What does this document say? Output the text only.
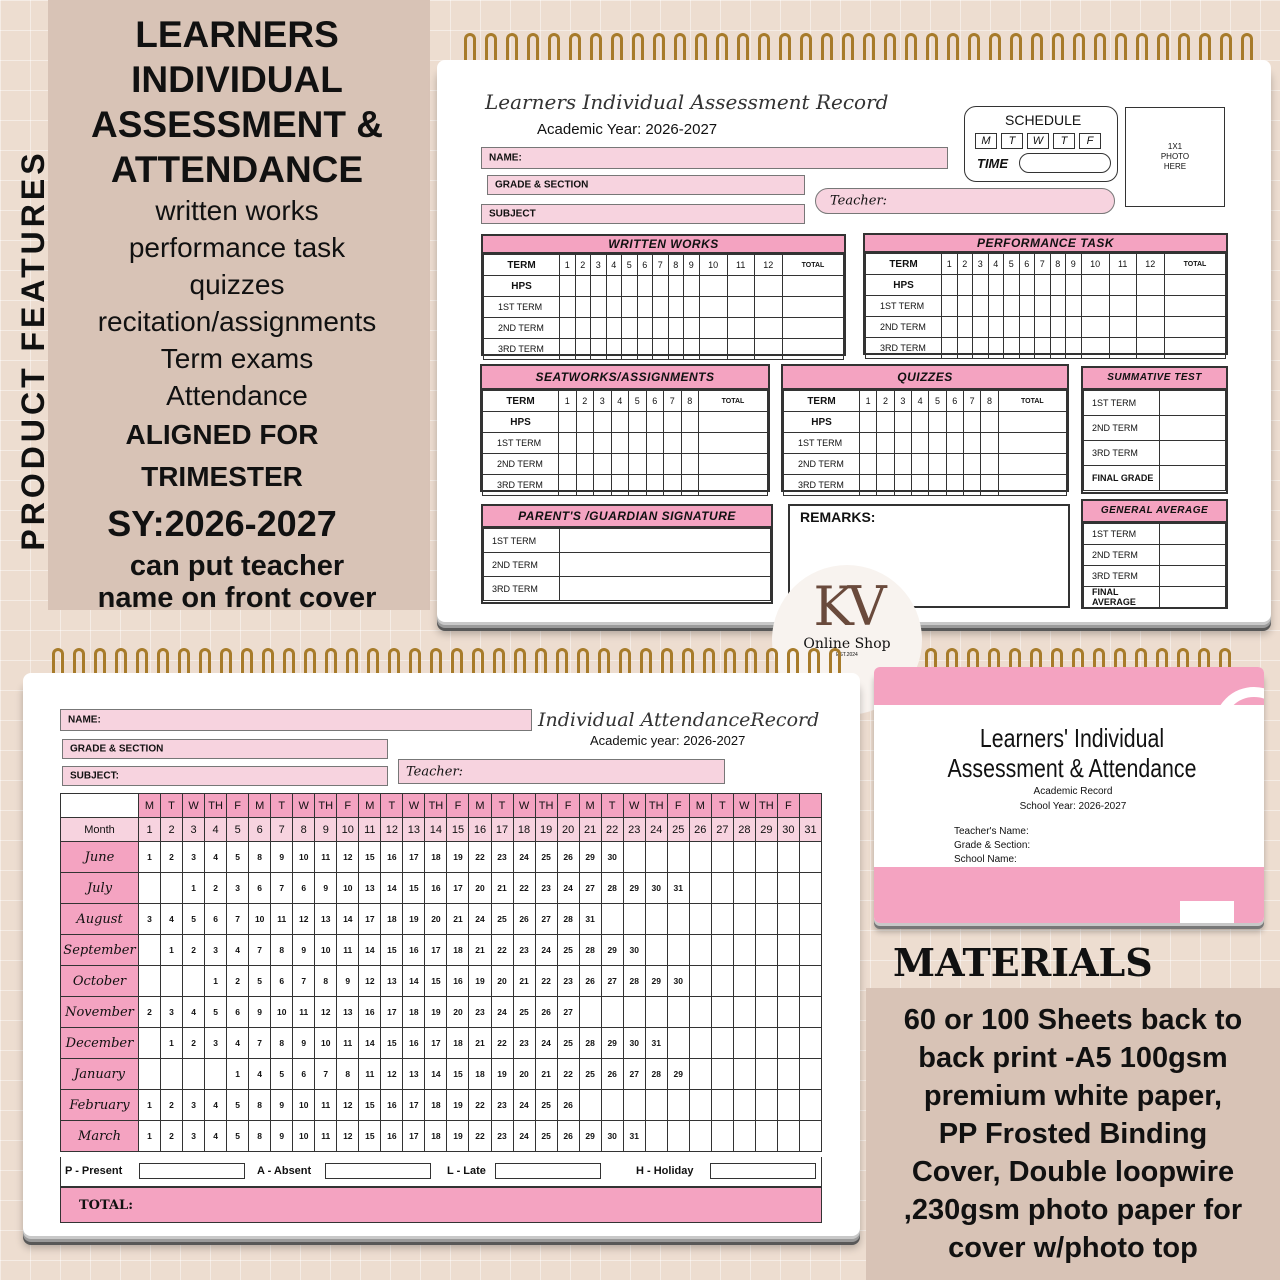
PRODUCT FEATURES
LEARNERS
INDIVIDUAL
ASSESSMENT &
ATTENDANCE
written works
performance task
quizzes
recitation/assignments
Term exams
Attendance
ALIGNED FOR
TRIMESTER
SY:2026-2027
can put teacher
name on front cover
Learners Individual Assessment Record
Academic Year: 2026-2027
NAME:
GRADE & SECTION
SUBJECT
Teacher:
SCHEDULE
M	T	W	T	F
TIME
1X1
PHOTO
HERE
WRITTEN WORKS
TERM	1	2	3	4	5	6	7	8	9	10	11	12	TOTAL
HPS													
1ST TERM													
2ND TERM													
3RD TERM													
PERFORMANCE TASK
TERM	1	2	3	4	5	6	7	8	9	10	11	12	TOTAL
HPS													
1ST TERM													
2ND TERM													
3RD TERM													
SEATWORKS/ASSIGNMENTS
TERM	1	2	3	4	5	6	7	8	TOTAL
HPS									
1ST TERM									
2ND TERM									
3RD TERM									
QUIZZES
TERM	1	2	3	4	5	6	7	8	TOTAL
HPS									
1ST TERM									
2ND TERM									
3RD TERM									
SUMMATIVE TEST
1ST TERM	
2ND TERM	
3RD TERM	
FINAL GRADE	
PARENT'S /GUARDIAN SIGNATURE
1ST TERM	
2ND TERM	
3RD TERM	
REMARKS:	GENERAL AVERAGE
1ST TERM	
2ND TERM	
3RD TERM	
FINAL AVERAGE	
KV
Online Shop
EST.2024
NAME:	Individual AttendanceRecord
Academic year: 2026-2027
GRADE & SECTION
SUBJECT:	Teacher:
	M	T	W	TH	F	M	T	W	TH	F	M	T	W	TH	F	M	T	W	TH	F	M	T	W	TH	F	M	T	W	TH	F	
Month	1	2	3	4	5	6	7	8	9	10	11	12	13	14	15	16	17	18	19	20	21	22	23	24	25	26	27	28	29	30	31
June	1	2	3	4	5	8	9	10	11	12	15	16	17	18	19	22	23	24	25	26	29	30									
July			1	2	3	6	7	6	9	10	13	14	15	16	17	20	21	22	23	24	27	28	29	30	31						
August	3	4	5	6	7	10	11	12	13	14	17	18	19	20	21	24	25	26	27	28	31										
September		1	2	3	4	7	8	9	10	11	14	15	16	17	18	21	22	23	24	25	28	29	30								
October				1	2	5	6	7	8	9	12	13	14	15	16	19	20	21	22	23	26	27	28	29	30						
November	2	3	4	5	6	9	10	11	12	13	16	17	18	19	20	23	24	25	26	27											
December		1	2	3	4	7	8	9	10	11	14	15	16	17	18	21	22	23	24	25	28	29	30	31							
January					1	4	5	6	7	8	11	12	13	14	15	18	19	20	21	22	25	26	27	28	29						
February	1	2	3	4	5	8	9	10	11	12	15	16	17	18	19	22	23	24	25	26											
March	1	2	3	4	5	8	9	10	11	12	15	16	17	18	19	22	23	24	25	26	29	30	31								
P - Present	A - Absent	L - Late	H - Holiday
TOTAL:
Learners' Individual
Assessment & Attendance
Academic Record
School Year: 2026-2027
Teacher's Name:
Grade & Section:
School Name:
MATERIALS
60 or 100 Sheets back to
back print -A5 100gsm
premium white paper,
PP Frosted Binding
Cover, Double loopwire
,230gsm photo paper for
cover w/photo top
